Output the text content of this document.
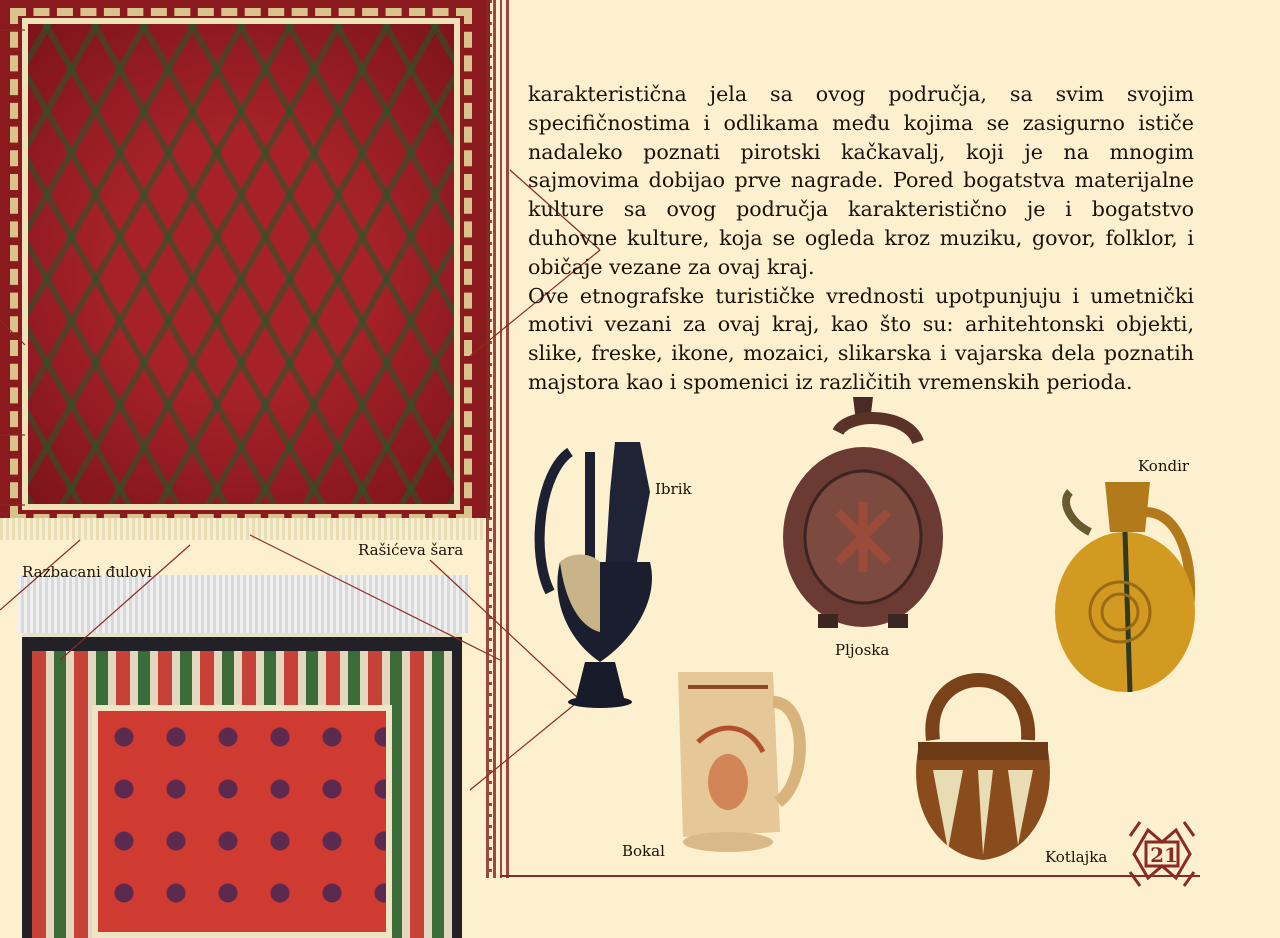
karakteristična jela sa ovog područja, sa svim svojim specifičnostima i odlikama među kojima se zasigurno ističe nadaleko poznati pirotski kačkavalj, koji je na mnogim sajmovima dobijao prve nagrade. Pored bogatstva materijalne kulture sa ovog područja karakteristično je i bogatstvo duhovne kulture, koja se ogleda kroz muziku, govor, folklor, i običaje vezane za ovaj kraj.

Ove etnografske turističke vrednosti upotpunjuju i umetnički motivi vezani za ovaj kraj, kao što su: arhitehtonski objekti, slike, freske, ikone, mozaici, slikarska i vajarska dela poznatih majstora kao i spomenici iz različitih vremenskih perioda.

Rašićeva šara
Razbacani đulovi
Ibrik
Pljoska
Kondir
Bokal	Kotlajka 21
